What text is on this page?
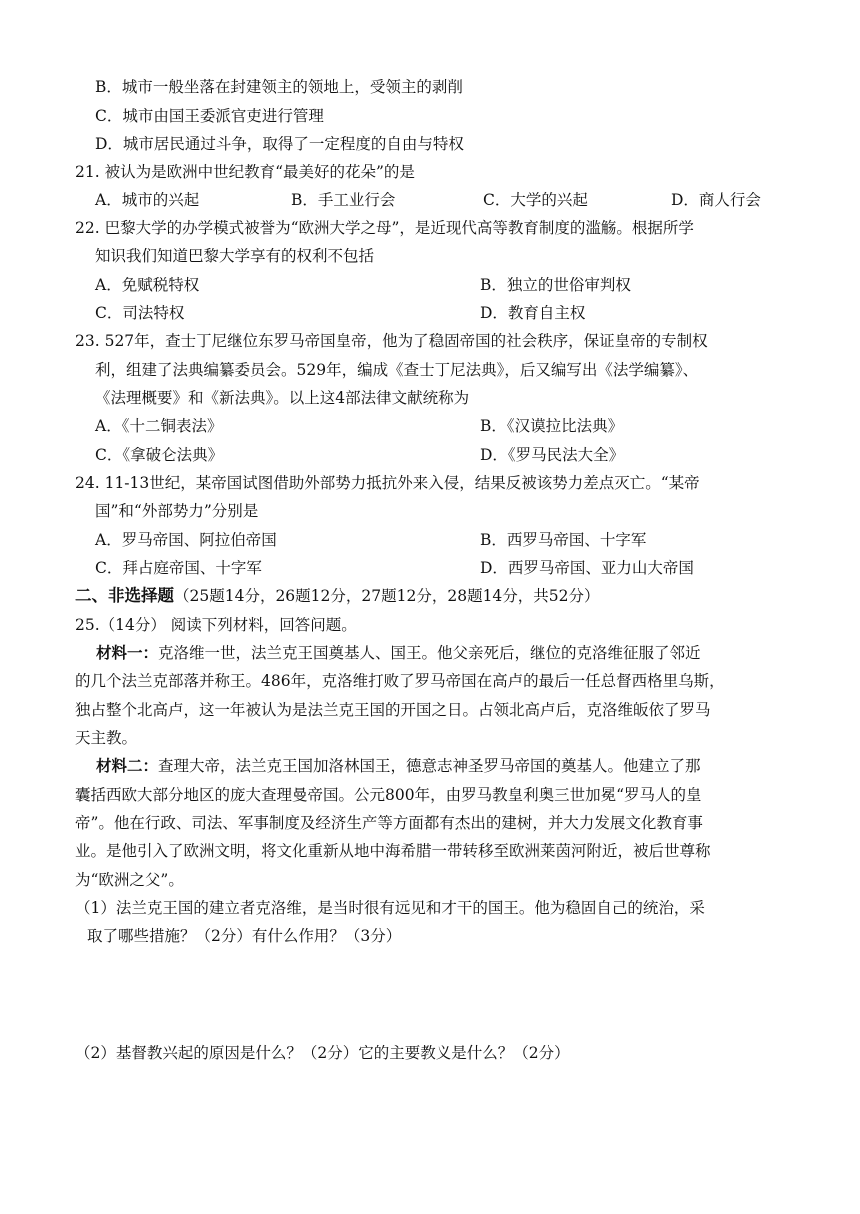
B．城市一般坐落在封建领主的领地上，受领主的剥削
C．城市由国王委派官吏进行管理
D．城市居民通过斗争，取得了一定程度的自由与特权
21. 被认为是欧洲中世纪教育“最美好的花朵”的是
A．城市的兴起	B．手工业行会	C．大学的兴起	D．商人行会
22. 巴黎大学的办学模式被誉为“欧洲大学之母”，是近现代高等教育制度的滥觞。根据所学
知识我们知道巴黎大学享有的权利不包括
A．免赋税特权	B．独立的世俗审判权
C．司法特权	D．教育自主权
23. 527年，查士丁尼继位东罗马帝国皇帝，他为了稳固帝国的社会秩序，保证皇帝的专制权
利，组建了法典编纂委员会。529年，编成《查士丁尼法典》，后又编写出《法学编纂》、
《法理概要》和《新法典》。以上这4部法律文献统称为
A．《十二铜表法》	B．《汉谟拉比法典》
C．《拿破仑法典》	D．《罗马民法大全》
24. 11-13世纪，某帝国试图借助外部势力抵抗外来入侵，结果反被该势力差点灭亡。“某帝
国”和“外部势力”分别是
A．罗马帝国、阿拉伯帝国	B．西罗马帝国、十字军
C．拜占庭帝国、十字军	D．西罗马帝国、亚力山大帝国
二、非选择题（25题14分，26题12分，27题12分，28题14分，共52分）
25.（14分） 阅读下列材料，回答问题。
材料一：克洛维一世，法兰克王国奠基人、国王。他父亲死后，继位的克洛维征服了邻近
的几个法兰克部落并称王。486年，克洛维打败了罗马帝国在高卢的最后一任总督西格里乌斯，
独占整个北高卢，这一年被认为是法兰克王国的开国之日。占领北高卢后，克洛维皈依了罗马
天主教。
材料二：查理大帝，法兰克王国加洛林国王，德意志神圣罗马帝国的奠基人。他建立了那
囊括西欧大部分地区的庞大查理曼帝国。公元800年，由罗马教皇利奥三世加冕“罗马人的皇
帝”。他在行政、司法、军事制度及经济生产等方面都有杰出的建树，并大力发展文化教育事
业。是他引入了欧洲文明，将文化重新从地中海希腊一带转移至欧洲莱茵河附近，被后世尊称
为“欧洲之父”。
（1）法兰克王国的建立者克洛维，是当时很有远见和才干的国王。他为稳固自己的统治，采
取了哪些措施？（2分）有什么作用？（3分）
（2）基督教兴起的原因是什么？（2分）它的主要教义是什么？（2分）
